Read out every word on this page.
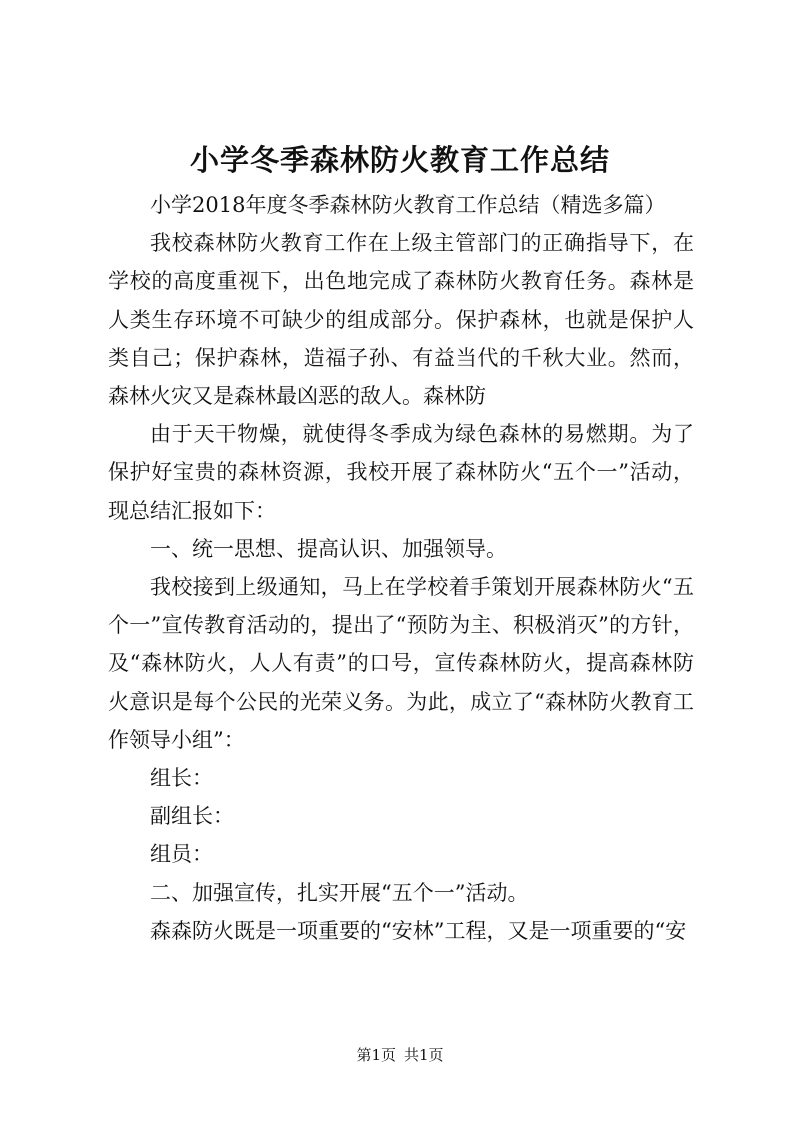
小学冬季森林防火教育工作总结

小学2018年度冬季森林防火教育工作总结（精选多篇）

我校森林防火教育工作在上级主管部门的正确指导下，在学校的高度重视下，出色地完成了森林防火教育任务。森林是人类生存环境不可缺少的组成部分。保护森林，也就是保护人类自己；保护森林，造福子孙、有益当代的千秋大业。然而，森林火灾又是森林最凶恶的敌人。森林防

由于天干物燥，就使得冬季成为绿色森林的易燃期。为了保护好宝贵的森林资源，我校开展了森林防火“五个一”活动，现总结汇报如下：

一、统一思想、提高认识、加强领导。

我校接到上级通知，马上在学校着手策划开展森林防火“五个一”宣传教育活动的，提出了“预防为主、积极消灭”的方针，及“森林防火，人人有责”的口号，宣传森林防火，提高森林防火意识是每个公民的光荣义务。为此，成立了“森林防火教育工作领导小组”：

组长：

副组长：

组员：

二、加强宣传，扎实开展“五个一”活动。

森森防火既是一项重要的“安林”工程，又是一项重要的“安

第1页 共1页
